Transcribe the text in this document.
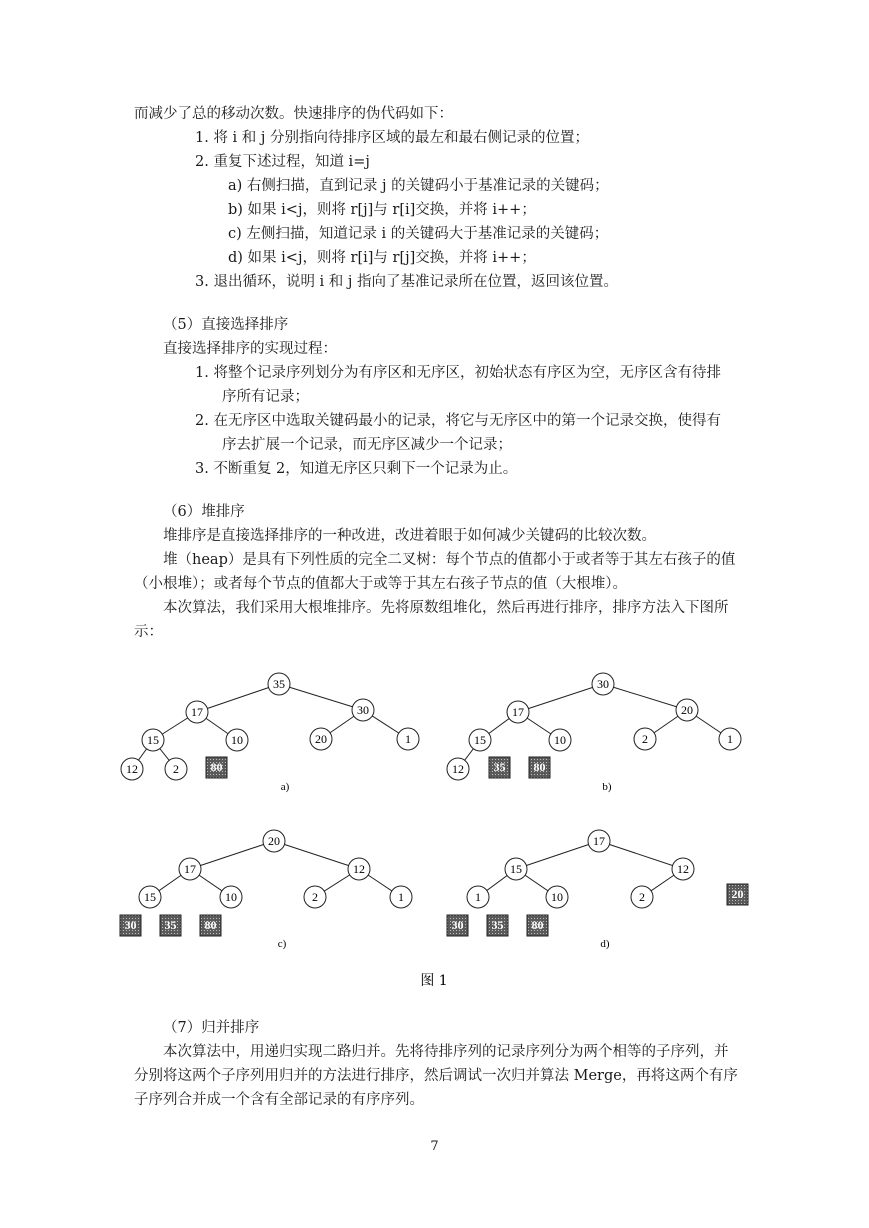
而减少了总的移动次数。快速排序的伪代码如下：
1. 将 i 和 j 分别指向待排序区域的最左和最右侧记录的位置；
2. 重复下述过程，知道 i=j
a) 右侧扫描，直到记录 j 的关键码小于基准记录的关键码；
b) 如果 i<j，则将 r[j]与 r[i]交换，并将 i++；
c) 左侧扫描，知道记录 i 的关键码大于基准记录的关键码；
d) 如果 i<j，则将 r[i]与 r[j]交换，并将 i++；
3. 退出循环，说明 i 和 j 指向了基准记录所在位置，返回该位置。
（5）直接选择排序
直接选择排序的实现过程：
1. 将整个记录序列划分为有序区和无序区，初始状态有序区为空，无序区含有待排
序所有记录；
2. 在无序区中选取关键码最小的记录，将它与无序区中的第一个记录交换，使得有
序去扩展一个记录，而无序区减少一个记录；
3. 不断重复 2，知道无序区只剩下一个记录为止。
（6）堆排序
堆排序是直接选择排序的一种改进，改进着眼于如何减少关键码的比较次数。
堆（heap）是具有下列性质的完全二叉树：每个节点的值都小于或者等于其左右孩子的值
（小根堆）；或者每个节点的值都大于或等于其左右孩子节点的值（大根堆）。
本次算法，我们采用大根堆排序。先将原数组堆化，然后再进行排序，排序方法入下图所
示：
35
17	30
15	10	20	1
12	2	80
a)
30
17	20
15	10	2	1
12 35 80
b)
20
17	12
15	10	2	1
30 35 80
c)
17
15	12
1	10	2
30 35 80
20
d)
图 1
（7）归并排序
本次算法中，用递归实现二路归并。先将待排序列的记录序列分为两个相等的子序列，并
分别将这两个子序列用归并的方法进行排序，然后调试一次归并算法 Merge，再将这两个有序
子序列合并成一个含有全部记录的有序序列。
7
